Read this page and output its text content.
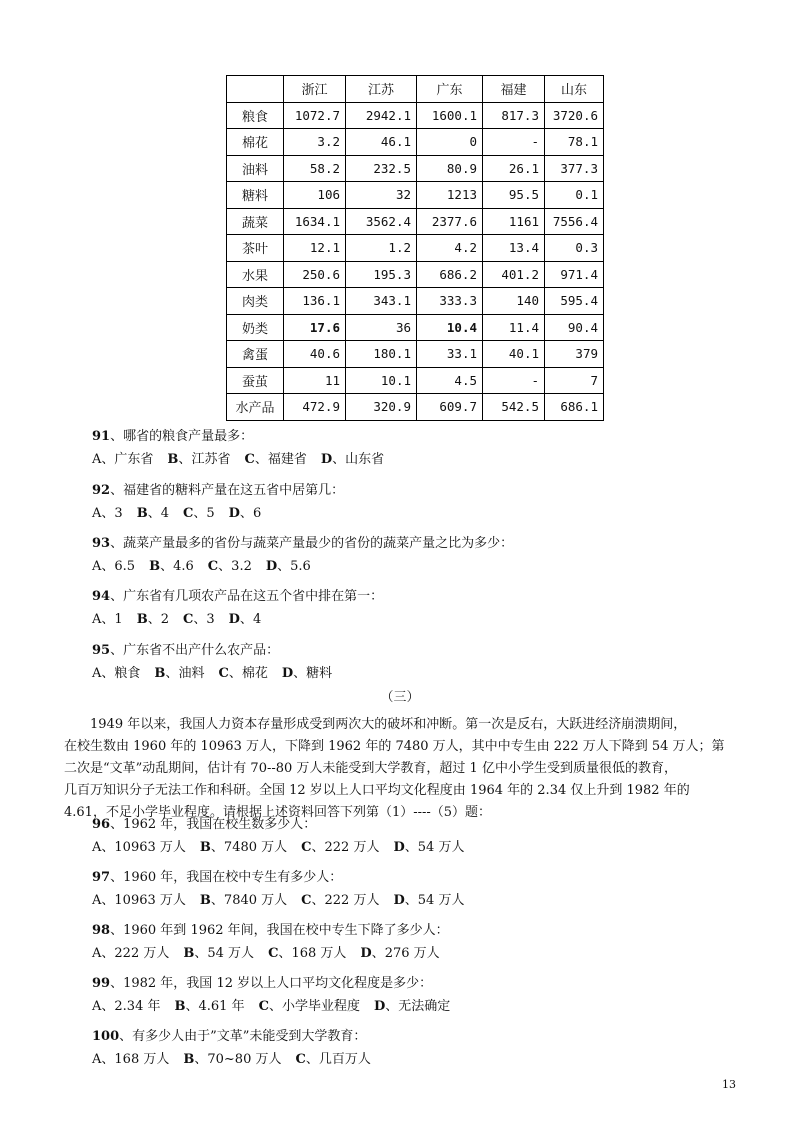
	浙江	江苏	广东	福建	山东
粮食	1072.7	2942.1	1600.1	817.3	3720.6
棉花	3.2	46.1	0	-	78.1
油料	58.2	232.5	80.9	26.1	377.3
糖料	106	32	1213	95.5	0.1
蔬菜	1634.1	3562.4	2377.6	1161	7556.4
茶叶	12.1	1.2	4.2	13.4	0.3
水果	250.6	195.3	686.2	401.2	971.4
肉类	136.1	343.1	333.3	140	595.4
奶类	17.6	36	10.4	11.4	90.4
禽蛋	40.6	180.1	33.1	40.1	379
蚕茧	11	10.1	4.5	-	7
水产品	472.9	320.9	609.7	542.5	686.1
91、哪省的粮食产量最多：
A、广东省 B、江苏省 C、福建省 D、山东省
92、福建省的糖料产量在这五省中居第几：
A、3 B、4 C、5 D、6
93、蔬菜产量最多的省份与蔬菜产量最少的省份的蔬菜产量之比为多少：
A、6.5 B、4.6 C、3.2 D、5.6
94、广东省有几项农产品在这五个省中排在第一：
A、1 B、2 C、3 D、4
95、广东省不出产什么农产品：
A、粮食 B、油料 C、棉花 D、糖料
（三）
　　1949 年以来，我国人力资本存量形成受到两次大的破坏和冲断。第一次是反右，大跃进经济崩溃期间，
在校生数由 1960 年的 10963 万人，下降到 1962 年的 7480 万人，其中中专生由 222 万人下降到 54 万人；第
二次是“文革”动乱期间，估计有 70--80 万人未能受到大学教育，超过 1 亿中小学生受到质量很低的教育，
几百万知识分子无法工作和科研。全国 12 岁以上人口平均文化程度由 1964 年的 2.34 仅上升到 1982 年的
4.61，不足小学毕业程度。请根据上述资料回答下列第（1）----（5）题：
96、1962 年，我国在校生数多少人：
A、10963 万人 B、7480 万人 C、222 万人 D、54 万人
97、1960 年，我国在校中专生有多少人：
A、10963 万人 B、7840 万人 C、222 万人 D、54 万人
98、1960 年到 1962 年间，我国在校中专生下降了多少人：
A、222 万人 B、54 万人 C、168 万人 D、276 万人
99、1982 年，我国 12 岁以上人口平均文化程度是多少：
A、2.34 年 B、4.61 年 C、小学毕业程度 D、无法确定
100、有多少人由于”文革”未能受到大学教育：
A、168 万人 B、70~80 万人 C、几百万人
13
